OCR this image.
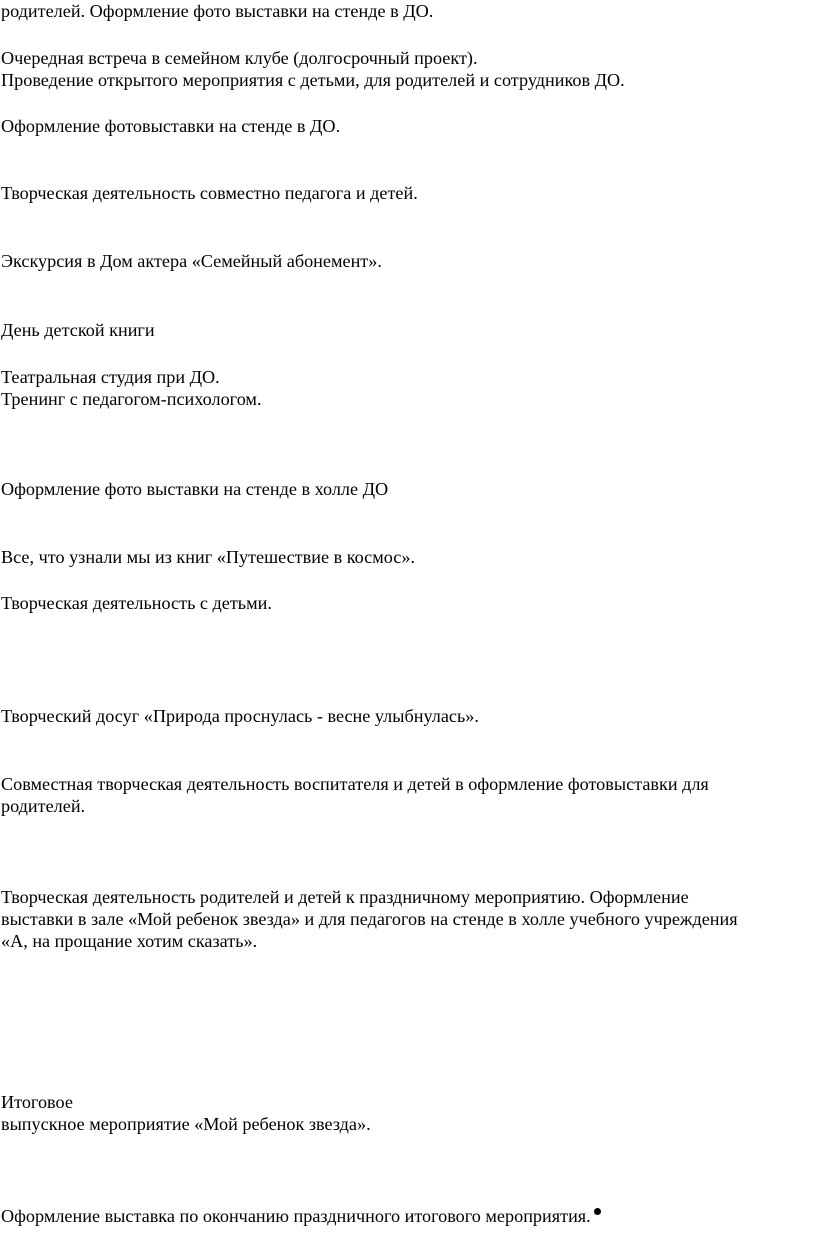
родителей. Оформление фото выставки на стенде в ДО.
Очередная встреча в семейном клубе (долгосрочный проект).
Проведение открытого мероприятия с детьми, для родителей и сотрудников ДО.
Оформление фотовыставки на стенде в ДО.
Творческая деятельность совместно педагога и детей.
Экскурсия в Дом актера «Семейный абонемент».
День детской книги
Театральная студия при ДО.
Тренинг с педагогом-психологом.
Оформление фото выставки на стенде в холле ДО
Все, что узнали мы из книг «Путешествие в космос».
Творческая деятельность с детьми.
Творческий досуг «Природа проснулась - весне улыбнулась».
Совместная творческая деятельность воспитателя и детей в оформление фотовыставки для
родителей.
Творческая деятельность родителей и детей к праздничному мероприятию. Оформление
выставки в зале «Мой ребенок звезда» и для педагогов на стенде в холле учебного учреждения
«А, на прощание хотим сказать».
Итоговое
выпускное мероприятие «Мой ребенок звезда».
Оформление выставка по окончанию праздничного итогового мероприятия.
